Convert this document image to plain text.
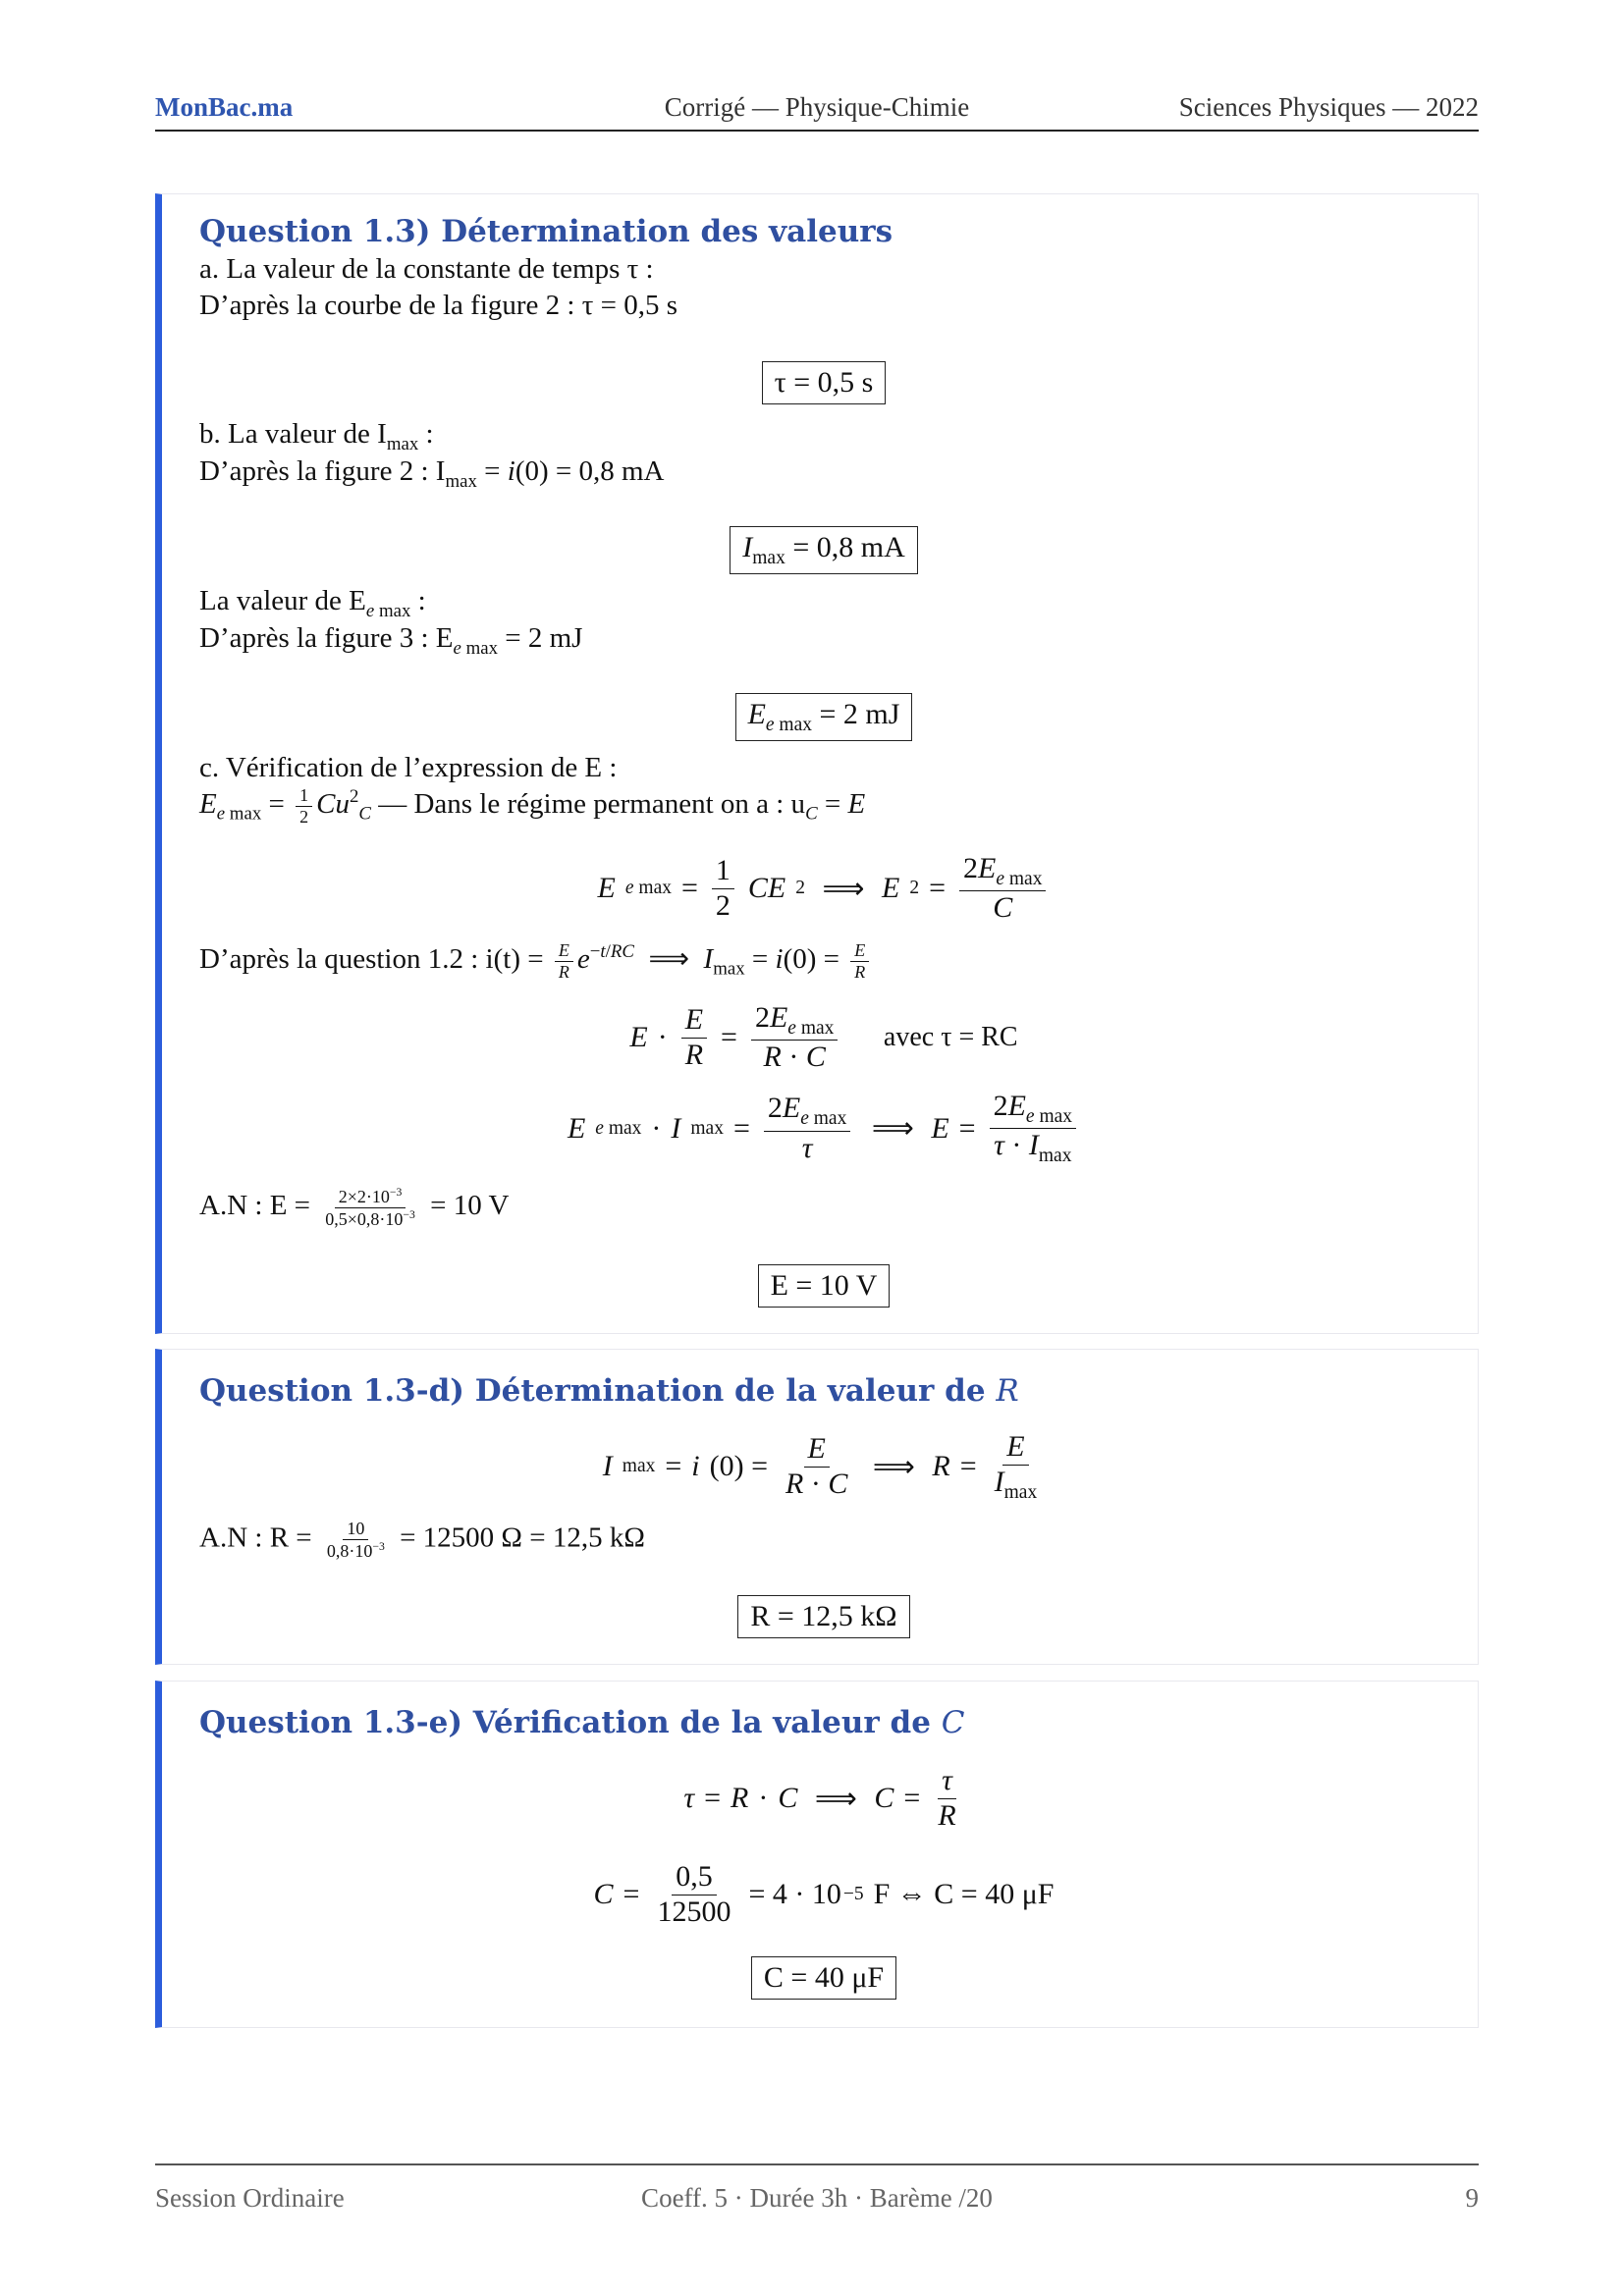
MonBac.ma	Corrigé — Physique-Chimie	Sciences Physiques — 2022
Question 1.3) Détermination des valeurs
a. La valeur de la constante de temps τ :
D’après la courbe de la figure 2 : τ = 0,5 s
τ = 0,5 s
b. La valeur de $I_{max}$ :
D’après la figure 2 : $I_{max} = i(0) = 0,8$ mA
$I_{max} = 0,8$ mA
La valeur de $E_{e max}$ :
D’après la figure 3 : $E_{e max} = 2$ mJ
$E_{e max} = 2$ mJ
c. Vérification de l’expression de E :
$E_{e max} = \frac{1}{2} Cu^2_C$ — Dans le régime permanent on a : $u_C = E$
E e $\max = \frac{1}{2}$ CE 2 ⟹ E $2 = \frac{2E_{e max}}{C}$
D’après la question 1.2 : $i(t) = \frac{E}{R} e^{-t/RC}$  ⟹  $I_{max} = i(0) = \frac{E}{R}$
$E \cdot \frac{E}{R} = \frac{2E_{e max}}{R \cdot C}$
avec τ = RC
E e max · I $\max = \frac{2E_{e max}}{\tau}$ ⟹ $E = \frac{2E_{e max}}{\tau \cdot I_{max}}$
A.N : $E = \frac{2\times 2\cdot 10^{-3}}{0,5\times 0,8\cdot 10^{-3}} = 10$ V
E = 10 V
Question 1.3-d) Détermination de la valeur de R
I max = i $(0) = \frac{E}{R \cdot C}$ ⟹ $R = \frac{E}{I_{max}}$
A.N : $R = \frac{10}{0,8\cdot 10^{-3}} = 12500$ Ω = 12,5 kΩ
R = 12,5 kΩ
Question 1.3-e) Vérification de la valeur de C
τ = R · C ⟹ $C = \frac{\tau}{R}$
$C = \frac{0,5}{12500} = 4 \cdot 10 -5$ F ⇔ C = 40 μF
C = 40 μF
Session Ordinaire	Coeff. 5 · Durée 3h · Barème /20	9
